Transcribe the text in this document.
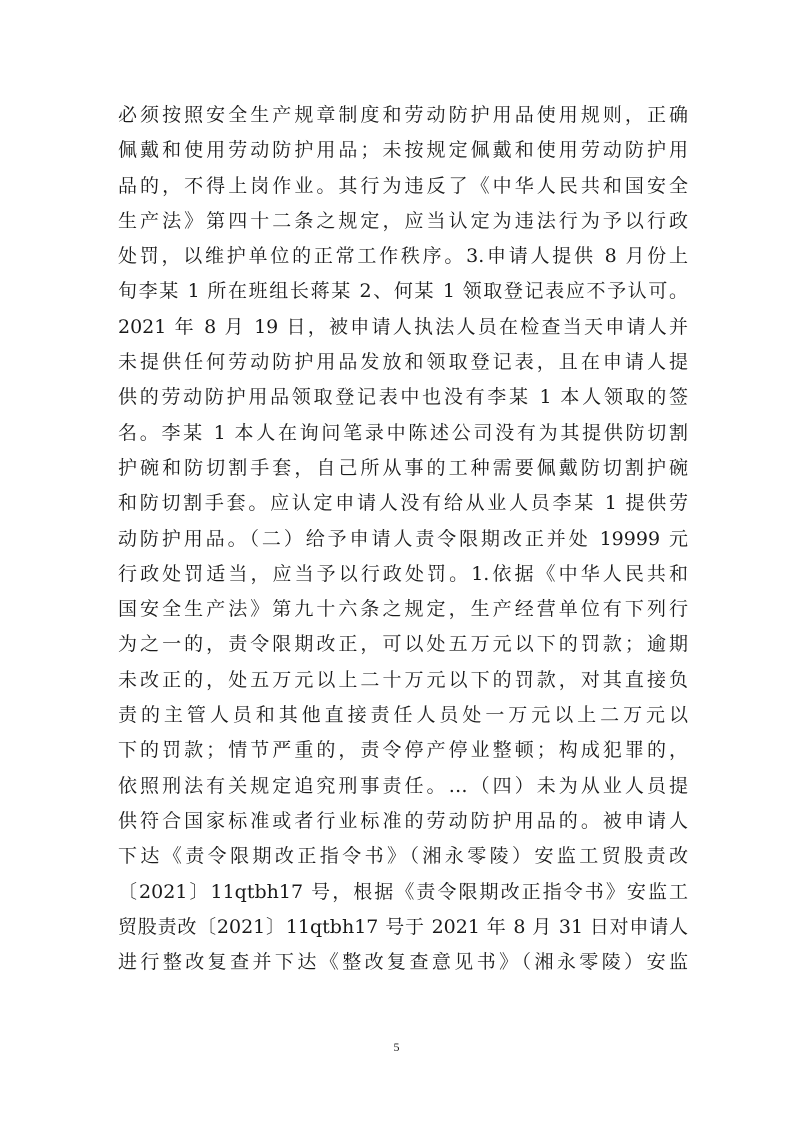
必须按照安全生产规章制度和劳动防护用品使用规则，正确
佩戴和使用劳动防护用品；未按规定佩戴和使用劳动防护用
品的，不得上岗作业。其行为违反了《中华人民共和国安全
生产法》第四十二条之规定，应当认定为违法行为予以行政
处罚，以维护单位的正常工作秩序。3.申请人提供 8 月份上
旬李某 1 所在班组长蒋某 2、何某 1 领取登记表应不予认可。
2021 年 8 月 19 日，被申请人执法人员在检查当天申请人并
未提供任何劳动防护用品发放和领取登记表，且在申请人提
供的劳动防护用品领取登记表中也没有李某 1 本人领取的签
名。李某 1 本人在询问笔录中陈述公司没有为其提供防切割
护碗和防切割手套，自己所从事的工种需要佩戴防切割护碗
和防切割手套。应认定申请人没有给从业人员李某 1 提供劳
动防护用品。（二）给予申请人责令限期改正并处 19999 元
行政处罚适当，应当予以行政处罚。1.依据《中华人民共和
国安全生产法》第九十六条之规定，生产经营单位有下列行
为之一的，责令限期改正，可以处五万元以下的罚款；逾期
未改正的，处五万元以上二十万元以下的罚款，对其直接负
责的主管人员和其他直接责任人员处一万元以上二万元以
下的罚款；情节严重的，责令停产停业整顿；构成犯罪的，
依照刑法有关规定追究刑事责任。…（四）未为从业人员提
供符合国家标准或者行业标准的劳动防护用品的。被申请人
下达《责令限期改正指令书》（湘永零陵）安监工贸股责改
〔2021〕11qtbh17 号，根据《责令限期改正指令书》安监工
贸股责改〔2021〕11qtbh17 号于 2021 年 8 月 31 日对申请人
进行整改复查并下达《整改复查意见书》（湘永零陵）安监
5
